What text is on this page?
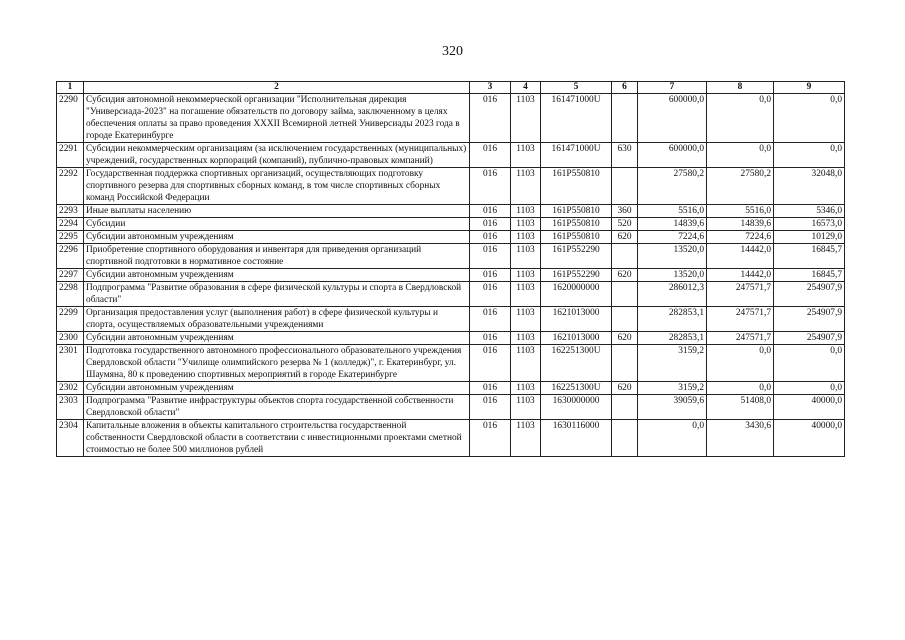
320
1	2	3	4	5	6	7	8	9
2290	Субсидия автономной некоммерческой организации "Исполнительная дирекция "Универсиада-2023" на погашение обязательств по договору займа, заключенному в целях обеспечения оплаты за право проведения XXXII Всемирной летней Универсиады 2023 года в городе Екатеринбурге	016	1103	161471000U		600000,0	0,0	0,0
2291	Субсидии некоммерческим организациям (за исключением государственных (муниципальных) учреждений, государственных корпораций (компаний), публично-правовых компаний)	016	1103	161471000U	630	600000,0	0,0	0,0
2292	Государственная поддержка спортивных организаций, осуществляющих подготовку спортивного резерва для спортивных сборных команд, в том числе спортивных сборных команд Российской Федерации	016	1103	161P550810		27580,2	27580,2	32048,0
2293	Иные выплаты населению	016	1103	161P550810	360	5516,0	5516,0	5346,0
2294	Субсидии	016	1103	161P550810	520	14839,6	14839,6	16573,0
2295	Субсидии автономным учреждениям	016	1103	161P550810	620	7224,6	7224,6	10129,0
2296	Приобретение спортивного оборудования и инвентаря для приведения организаций спортивной подготовки в нормативное состояние	016	1103	161P552290		13520,0	14442,0	16845,7
2297	Субсидии автономным учреждениям	016	1103	161P552290	620	13520,0	14442,0	16845,7
2298	Подпрограмма "Развитие образования в сфере физической культуры и спорта в Свердловской области"	016	1103	1620000000		286012,3	247571,7	254907,9
2299	Организация предоставления услуг (выполнения работ) в сфере физической культуры и спорта, осуществляемых образовательными учреждениями	016	1103	1621013000		282853,1	247571,7	254907,9
2300	Субсидии автономным учреждениям	016	1103	1621013000	620	282853,1	247571,7	254907,9
2301	Подготовка государственного автономного профессионального образовательного учреждения Свердловской области "Училище олимпийского резерва № 1 (колледж)", г. Екатеринбург, ул. Шаумяна, 80 к проведению спортивных мероприятий в городе Екатеринбурге	016	1103	162251300U		3159,2	0,0	0,0
2302	Субсидии автономным учреждениям	016	1103	162251300U	620	3159,2	0,0	0,0
2303	Подпрограмма "Развитие инфраструктуры объектов спорта государственной собственности Свердловской области"	016	1103	1630000000		39059,6	51408,0	40000,0
2304	Капитальные вложения в объекты капитального строительства государственной собственности Свердловской области в соответствии с инвестиционными проектами сметной стоимостью не более 500 миллионов рублей	016	1103	1630116000		0,0	3430,6	40000,0
